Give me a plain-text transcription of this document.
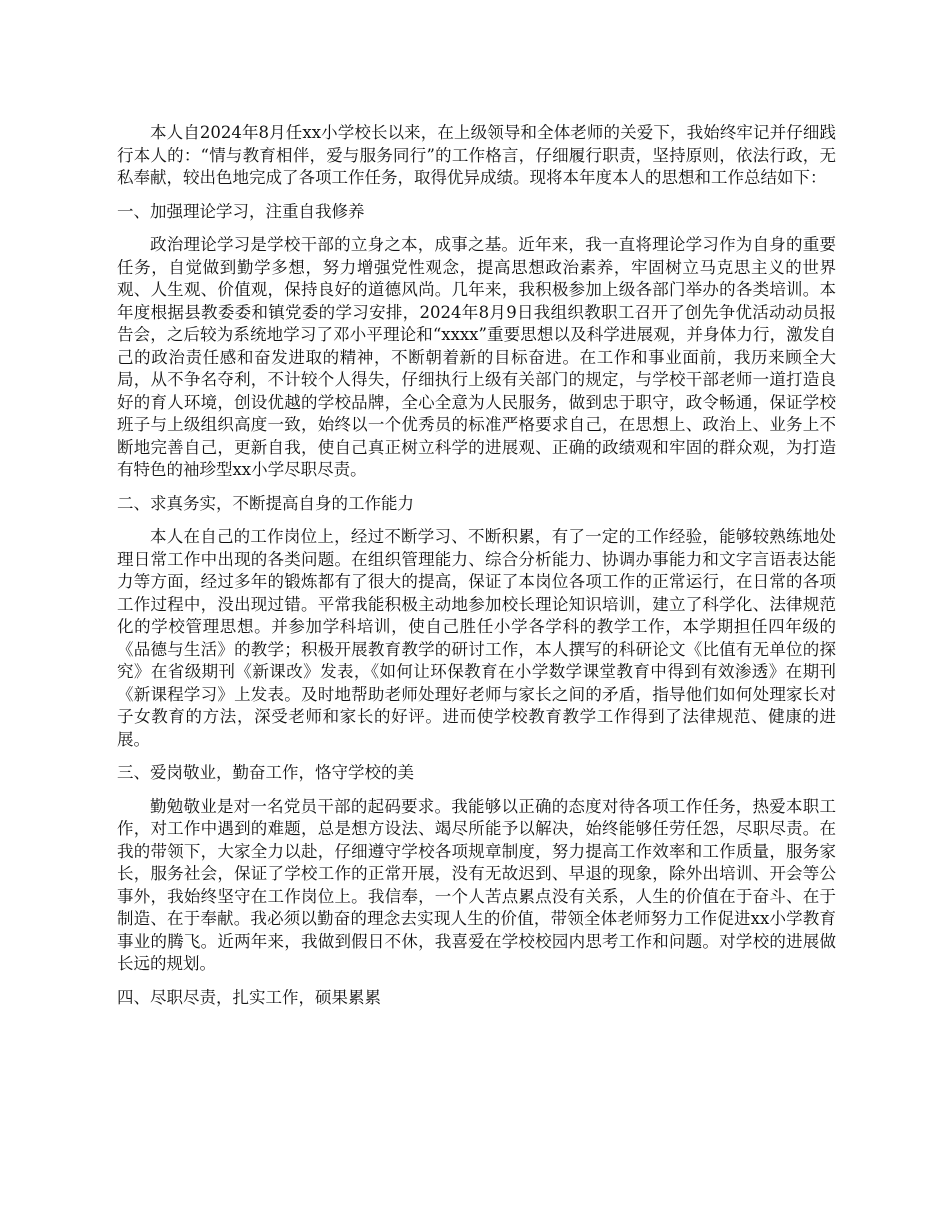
本人自2024年8月任xx小学校长以来，在上级领导和全体老师的关爱下，我始终牢记并仔细践行本人的：“情与教育相伴，爱与服务同行”的工作格言，仔细履行职责，坚持原则，依法行政，无私奉献，较出色地完成了各项工作任务，取得优异成绩。现将本年度本人的思想和工作总结如下：

一、加强理论学习，注重自我修养

政治理论学习是学校干部的立身之本，成事之基。近年来，我一直将理论学习作为自身的重要任务，自觉做到勤学多想，努力增强党性观念，提高思想政治素养，牢固树立马克思主义的世界观、人生观、价值观，保持良好的道德风尚。几年来，我积极参加上级各部门举办的各类培训。本年度根据县教委委和镇党委的学习安排，2024年8月9日我组织教职工召开了创先争优活动动员报告会，之后较为系统地学习了邓小平理论和“xxxx”重要思想以及科学进展观，并身体力行，激发自己的政治责任感和奋发进取的精神，不断朝着新的目标奋进。在工作和事业面前，我历来顾全大局，从不争名夺利，不计较个人得失，仔细执行上级有关部门的规定，与学校干部老师一道打造良好的育人环境，创设优越的学校品牌，全心全意为人民服务，做到忠于职守，政令畅通，保证学校班子与上级组织高度一致，始终以一个优秀员的标准严格要求自己，在思想上、政治上、业务上不断地完善自己，更新自我，使自己真正树立科学的进展观、正确的政绩观和牢固的群众观，为打造有特色的袖珍型xx小学尽职尽责。

二、求真务实，不断提高自身的工作能力

本人在自己的工作岗位上，经过不断学习、不断积累，有了一定的工作经验，能够较熟练地处理日常工作中出现的各类问题。在组织管理能力、综合分析能力、协调办事能力和文字言语表达能力等方面，经过多年的锻炼都有了很大的提高，保证了本岗位各项工作的正常运行，在日常的各项工作过程中，没出现过错。平常我能积极主动地参加校长理论知识培训，建立了科学化、法律规范化的学校管理思想。并参加学科培训，使自己胜任小学各学科的教学工作，本学期担任四年级的《品德与生活》的教学；积极开展教育教学的研讨工作，本人撰写的科研论文《比值有无单位的探究》在省级期刊《新课改》发表，《如何让环保教育在小学数学课堂教育中得到有效渗透》在期刊《新课程学习》上发表。及时地帮助老师处理好老师与家长之间的矛盾，指导他们如何处理家长对子女教育的方法，深受老师和家长的好评。进而使学校教育教学工作得到了法律规范、健康的进展。

三、爱岗敬业，勤奋工作，恪守学校的美

勤勉敬业是对一名党员干部的起码要求。我能够以正确的态度对待各项工作任务，热爱本职工作，对工作中遇到的难题，总是想方设法、竭尽所能予以解决，始终能够任劳任怨，尽职尽责。在我的带领下，大家全力以赴，仔细遵守学校各项规章制度，努力提高工作效率和工作质量，服务家长，服务社会，保证了学校工作的正常开展，没有无故迟到、早退的现象，除外出培训、开会等公事外，我始终坚守在工作岗位上。我信奉，一个人苦点累点没有关系，人生的价值在于奋斗、在于制造、在于奉献。我必须以勤奋的理念去实现人生的价值，带领全体老师努力工作促进xx小学教育事业的腾飞。近两年来，我做到假日不休，我喜爱在学校校园内思考工作和问题。对学校的进展做长远的规划。

四、尽职尽责，扎实工作，硕果累累
